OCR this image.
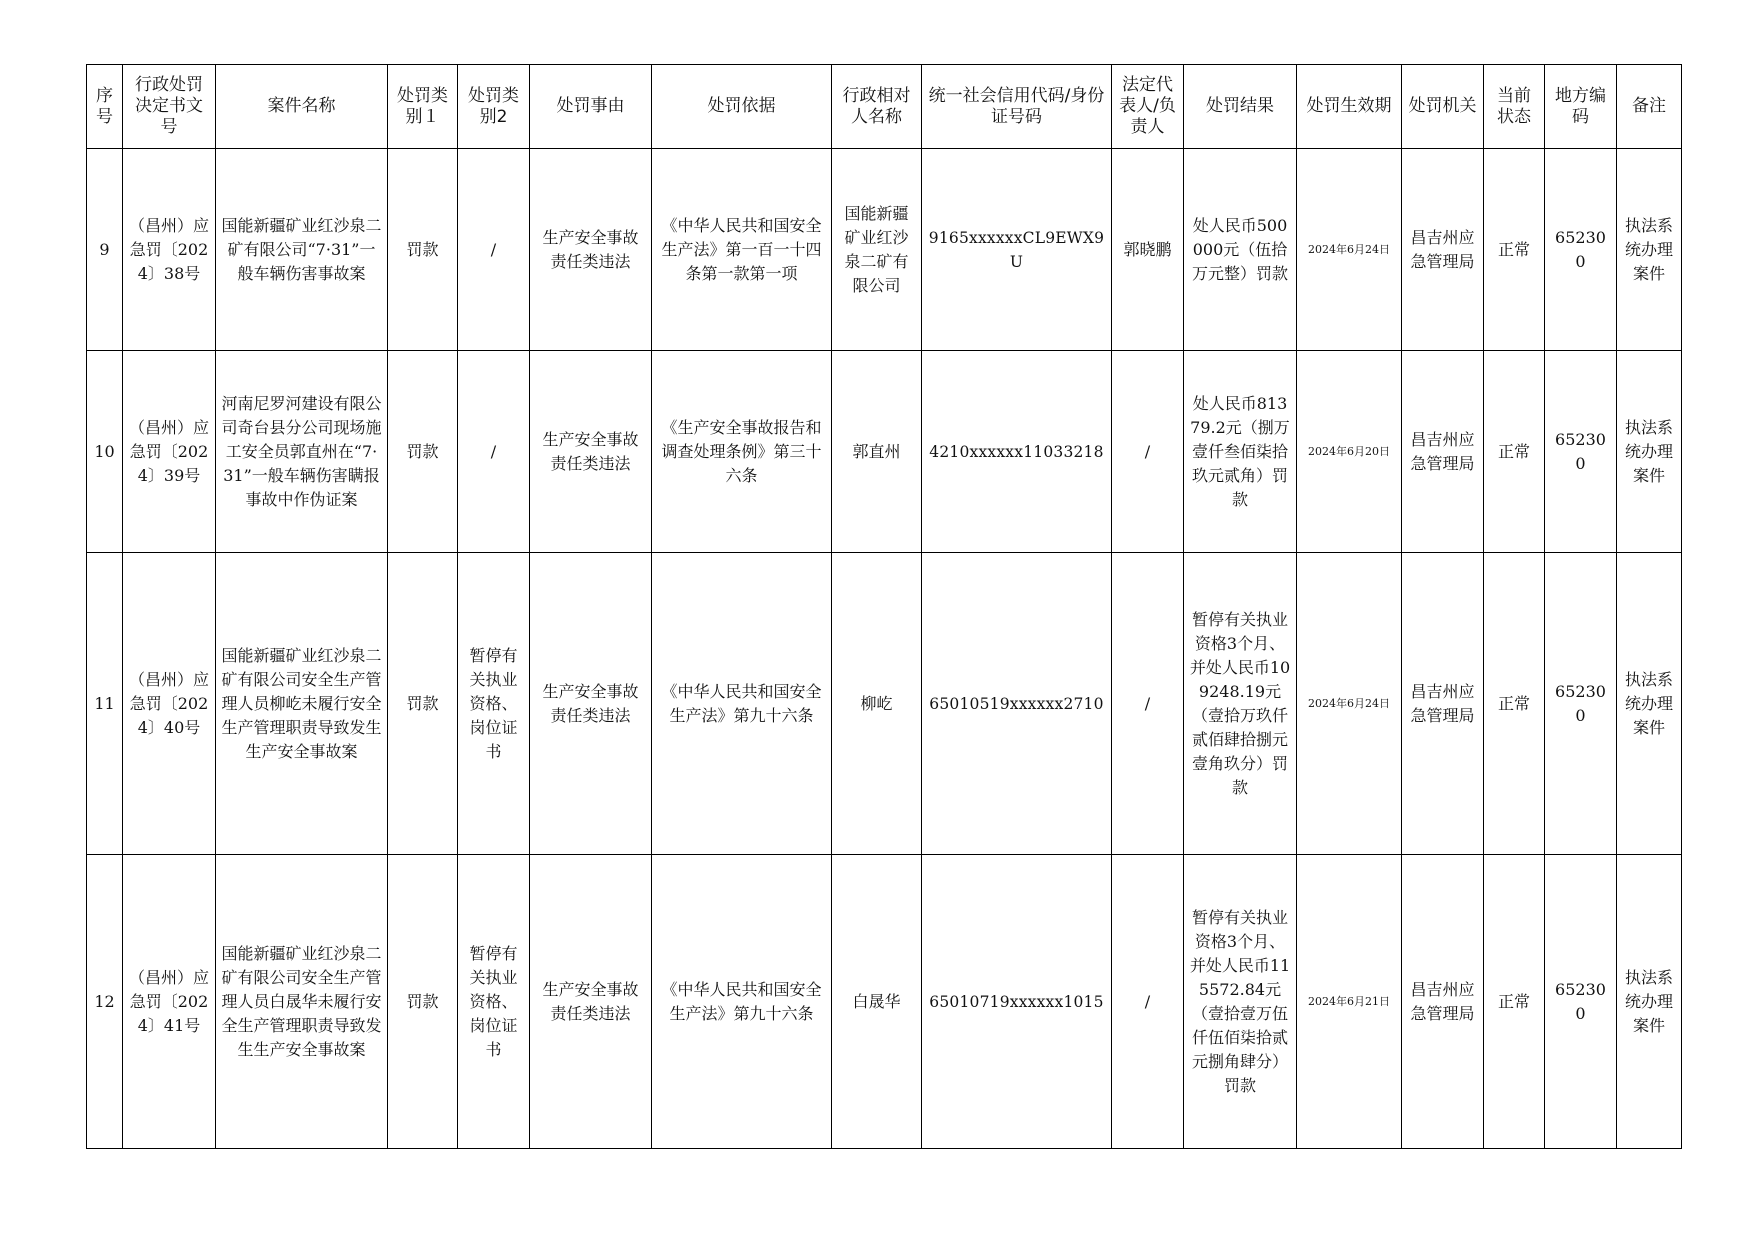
序号	行政处罚决定书文号	案件名称	处罚类别１	处罚类别2	处罚事由	处罚依据	行政相对人名称	统一社会信用代码/身份证号码	法定代表人/负责人	处罚结果	处罚生效期	处罚机关	当前状态	地方编码	备注
9	（昌州）应急罚〔2024〕38号	国能新疆矿业红沙泉二矿有限公司“7·31”一般车辆伤害事故案	罚款	/	生产安全事故责任类违法	《中华人民共和国安全生产法》第一百一十四条第一款第一项	国能新疆矿业红沙泉二矿有限公司	9165xxxxxxCL9EWX9U	郭晓鹏	处人民币500000元（伍拾万元整）罚款	2024年6月24日	昌吉州应急管理局	正常	652300	执法系统办理案件
10	（昌州）应急罚〔2024〕39号	河南尼罗河建设有限公司奇台县分公司现场施工安全员郭直州在“7·31”一般车辆伤害瞒报事故中作伪证案	罚款	/	生产安全事故责任类违法	《生产安全事故报告和调查处理条例》第三十六条	郭直州	4210xxxxxx11033218	/	处人民币81379.2元（捌万壹仟叁佰柒拾玖元贰角）罚款	2024年6月20日	昌吉州应急管理局	正常	652300	执法系统办理案件
11	（昌州）应急罚〔2024〕40号	国能新疆矿业红沙泉二矿有限公司安全生产管理人员柳屹未履行安全生产管理职责导致发生生产安全事故案	罚款	暂停有关执业资格、岗位证书	生产安全事故责任类违法	《中华人民共和国安全生产法》第九十六条	柳屹	65010519xxxxxx2710	/	暂停有关执业资格3个月、并处人民币109248.19元（壹拾万玖仟贰佰肆拾捌元壹角玖分）罚款	2024年6月24日	昌吉州应急管理局	正常	652300	执法系统办理案件
12	（昌州）应急罚〔2024〕41号	国能新疆矿业红沙泉二矿有限公司安全生产管理人员白晟华未履行安全生产管理职责导致发生生产安全事故案	罚款	暂停有关执业资格、岗位证书	生产安全事故责任类违法	《中华人民共和国安全生产法》第九十六条	白晟华	65010719xxxxxx1015	/	暂停有关执业资格3个月、并处人民币115572.84元（壹拾壹万伍仟伍佰柒拾贰元捌角肆分）罚款	2024年6月21日	昌吉州应急管理局	正常	652300	执法系统办理案件
